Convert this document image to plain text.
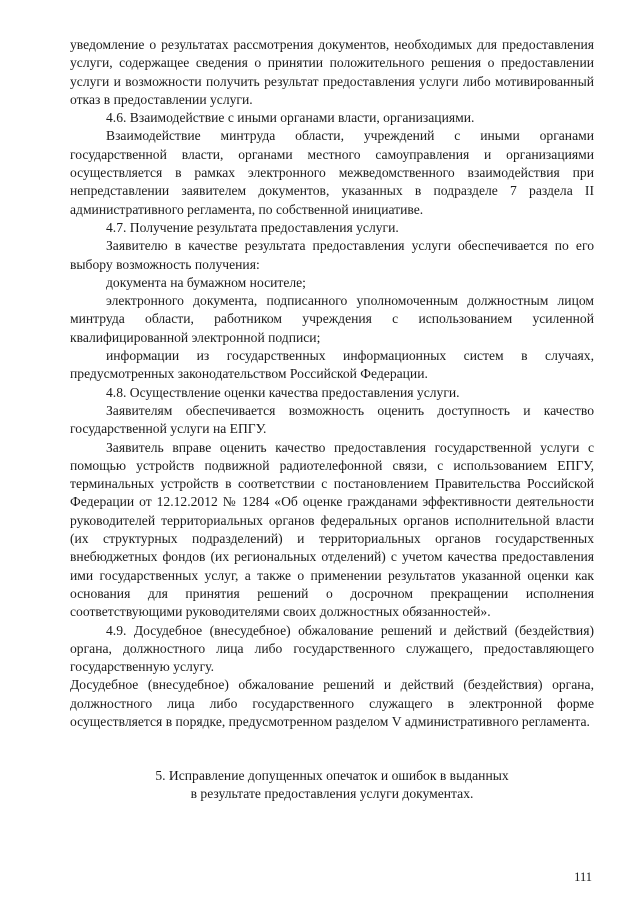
уведомление о результатах рассмотрения документов, необходимых для предоставления услуги, содержащее сведения о принятии положительного решения о предоставлении услуги и возможности получить результат предоставления услуги либо мотивированный отказ в предоставлении услуги.

4.6. Взаимодействие с иными органами власти, организациями.

Взаимодействие минтруда области, учреждений с иными органами государственной власти, органами местного самоуправления и организациями осуществляется в рамках электронного межведомственного взаимодействия при непредставлении заявителем документов, указанных в подразделе 7 раздела II административного регламента, по собственной инициативе.

4.7. Получение результата предоставления услуги.

Заявителю в качестве результата предоставления услуги обеспечивается по его выбору возможность получения:

документа на бумажном носителе;

электронного документа, подписанного уполномоченным должностным лицом минтруда области, работником учреждения с использованием усиленной квалифицированной электронной подписи;

информации из государственных информационных систем в случаях, предусмотренных законодательством Российской Федерации.

4.8. Осуществление оценки качества предоставления услуги.

Заявителям обеспечивается возможность оценить доступность и качество государственной услуги на ЕПГУ.

Заявитель вправе оценить качество предоставления государственной услуги с помощью устройств подвижной радиотелефонной связи, с использованием ЕПГУ, терминальных устройств в соответствии с постановлением Правительства Российской Федерации от 12.12.2012 № 1284 «Об оценке гражданами эффективности деятельности руководителей территориальных органов федеральных органов исполнительной власти (их структурных подразделений) и территориальных органов государственных внебюджетных фондов (их региональных отделений) с учетом качества предоставления ими государственных услуг, а также о применении результатов указанной оценки как основания для принятия решений о досрочном прекращении исполнения соответствующими руководителями своих должностных обязанностей».

4.9. Досудебное (внесудебное) обжалование решений и действий (бездействия) органа, должностного лица либо государственного служащего, предоставляющего государственную услугу.

Досудебное (внесудебное) обжалование решений и действий (бездействия) органа, должностного лица либо государственного служащего в электронной форме осуществляется в порядке, предусмотренном разделом V административного регламента.

5. Исправление допущенных опечаток и ошибок в выданных
в результате предоставления услуги документах.
111
